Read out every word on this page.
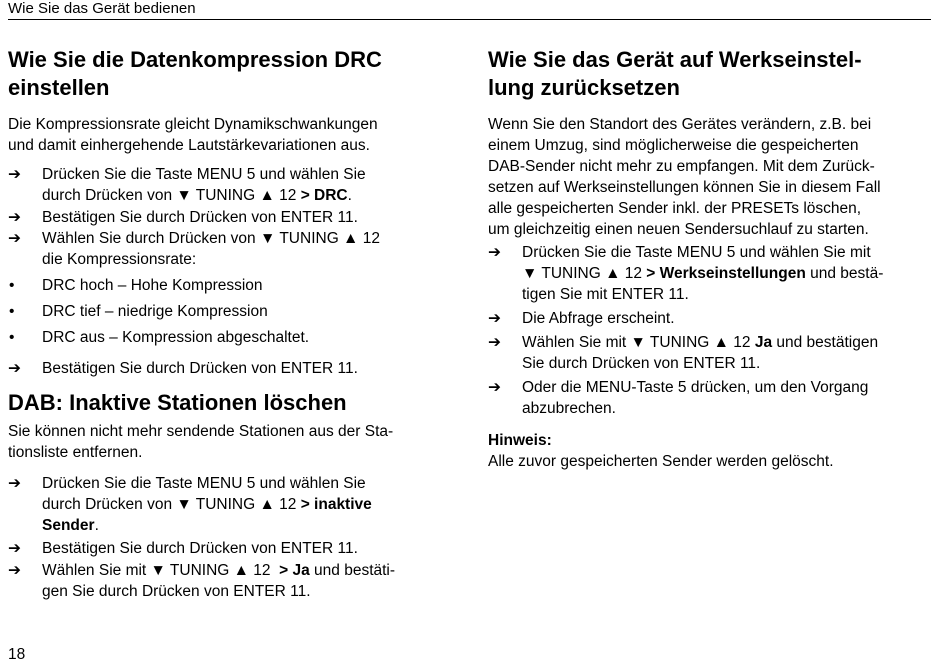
Wie Sie das Gerät bedienen
Wie Sie die Datenkompression DRC
einstellen

Die Kompressionsrate gleicht Dynamikschwankungen
und damit einhergehende Lautstärkevariationen aus.

➔ Drücken Sie die Taste MENU 5 und wählen Sie
durch Drücken von ▼ TUNING ▲ 12 > DRC.
➔ Bestätigen Sie durch Drücken von ENTER 11.
➔ Wählen Sie durch Drücken von ▼ TUNING ▲ 12
die Kompressionsrate:
• DRC hoch – Hohe Kompression
• DRC tief – niedrige Kompression
• DRC aus – Kompression abgeschaltet.
➔ Bestätigen Sie durch Drücken von ENTER 11.
DAB: Inaktive Stationen löschen

Sie können nicht mehr sendende Stationen aus der Sta-
tionsliste entfernen.

➔ Drücken Sie die Taste MENU 5 und wählen Sie
durch Drücken von ▼ TUNING ▲ 12 > inaktive
Sender.
➔ Bestätigen Sie durch Drücken von ENTER 11.
➔ Wählen Sie mit ▼ TUNING ▲ 12  > Ja und bestäti-
gen Sie durch Drücken von ENTER 11.
Wie Sie das Gerät auf Werkseinstel-
lung zurücksetzen

Wenn Sie den Standort des Gerätes verändern, z.B. bei
einem Umzug, sind möglicherweise die gespeicherten
DAB-Sender nicht mehr zu empfangen. Mit dem Zurück-
setzen auf Werkseinstellungen können Sie in diesem Fall
alle gespeicherten Sender inkl. der PRESETs löschen,
um gleichzeitig einen neuen Sendersuchlauf zu starten.

➔ Drücken Sie die Taste MENU 5 und wählen Sie mit
▼ TUNING ▲ 12 > Werkseinstellungen und bestä-
tigen Sie mit ENTER 11.
➔ Die Abfrage erscheint.
➔ Wählen Sie mit ▼ TUNING ▲ 12 Ja und bestätigen
Sie durch Drücken von ENTER 11.
➔ Oder die MENU-Taste 5 drücken, um den Vorgang
abzubrechen.

Hinweis:
Alle zuvor gespeicherten Sender werden gelöscht.

18
